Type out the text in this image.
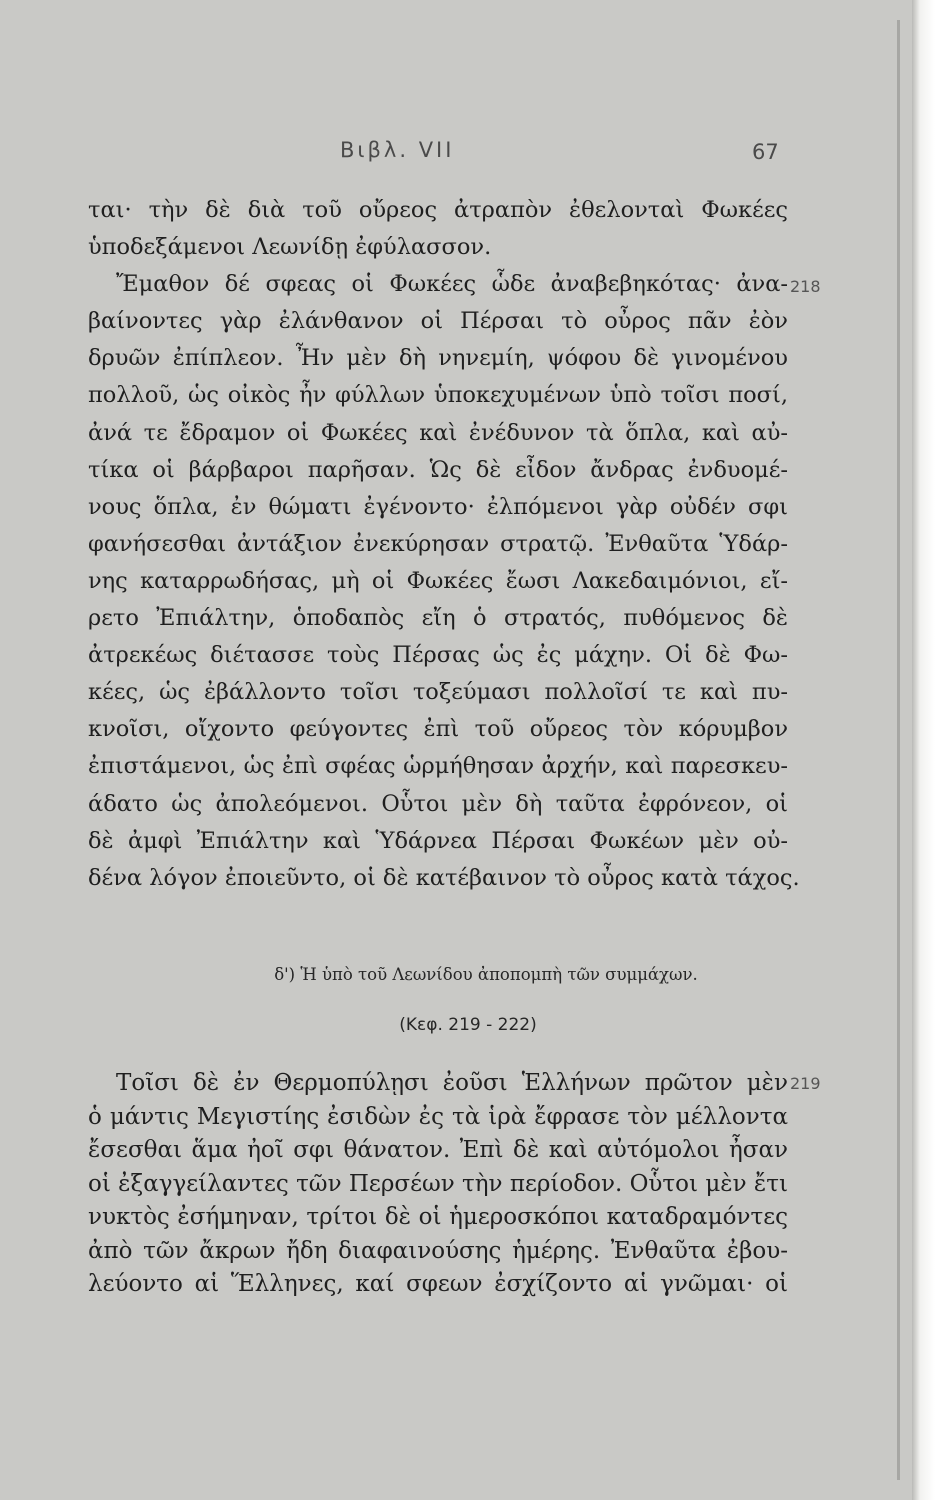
Βιβλ. VII	67
ται· τὴν δὲ διὰ τοῦ οὔρεος ἀτραπὸν ἐθελονταὶ Φωκέες
ὑποδεξάμενοι Λεωνίδῃ ἐφύλασσον.
Ἔμαθον δέ σφεας οἱ Φωκέες ὧδε ἀναβεβηκότας· ἀνα-
βαίνοντες γὰρ ἐλάνθανον οἱ Πέρσαι τὸ οὖρος πᾶν ἐὸν
δρυῶν ἐπίπλεον. Ἦν μὲν δὴ νηνεμίη, ψόφου δὲ γινομένου
πολλοῦ, ὡς οἰκὸς ἦν φύλλων ὑποκεχυμένων ὑπὸ τοῖσι ποσί,
ἀνά τε ἔδραμον οἱ Φωκέες καὶ ἐνέδυνον τὰ ὅπλα, καὶ αὐ-
τίκα οἱ βάρβαροι παρῆσαν. Ὡς δὲ εἶδον ἄνδρας ἐνδυομέ-
νους ὅπλα, ἐν θώματι ἐγένοντο· ἐλπόμενοι γὰρ οὐδέν σφι
φανήσεσθαι ἀντάξιον ἐνεκύρησαν στρατῷ. Ἐνθαῦτα Ὑδάρ-
νης καταρρωδήσας, μὴ οἱ Φωκέες ἔωσι Λακεδαιμόνιοι, εἴ-
ρετο Ἐπιάλτην, ὁποδαπὸς εἴη ὁ στρατός, πυθόμενος δὲ
ἀτρεκέως διέτασσε τοὺς Πέρσας ὡς ἐς μάχην. Οἱ δὲ Φω-
κέες, ὡς ἐβάλλοντο τοῖσι τοξεύμασι πολλοῖσί τε καὶ πυ-
κνοῖσι, οἴχοντο φεύγοντες ἐπὶ τοῦ οὔρεος τὸν κόρυμβον
ἐπιστάμενοι, ὡς ἐπὶ σφέας ὡρμήθησαν ἀρχήν, καὶ παρεσκευ-
άδατο ὡς ἀπολεόμενοι. Οὗτοι μὲν δὴ ταῦτα ἐφρόνεον, οἱ
δὲ ἀμφὶ Ἐπιάλτην καὶ Ὑδάρνεα Πέρσαι Φωκέων μὲν οὐ-
δένα λόγον ἐποιεῦντο, οἱ δὲ κατέβαινον τὸ οὖρος κατὰ τάχος.
218
δ') Ἡ ὑπὸ τοῦ Λεωνίδου ἀποπομπὴ τῶν συμμάχων.
(Κεφ. 219 - 222)
Τοῖσι δὲ ἐν Θερμοπύλῃσι ἐοῦσι Ἑλλήνων πρῶτον μὲν
ὁ μάντις Μεγιστίης ἐσιδὼν ἐς τὰ ἱρὰ ἔφρασε τὸν μέλλοντα
ἔσεσθαι ἅμα ἠοῖ σφι θάνατον. Ἐπὶ δὲ καὶ αὐτόμολοι ἦσαν
οἱ ἐξαγγείλαντες τῶν Περσέων τὴν περίοδον. Οὗτοι μὲν ἔτι
νυκτὸς ἐσήμηναν, τρίτοι δὲ οἱ ἡμεροσκόποι καταδραμόντες
ἀπὸ τῶν ἄκρων ἤδη διαφαινούσης ἡμέρης. Ἐνθαῦτα ἐβου-
λεύοντο αἱ Ἕλληνες, καί σφεων ἐσχίζοντο αἱ γνῶμαι· οἱ
219
